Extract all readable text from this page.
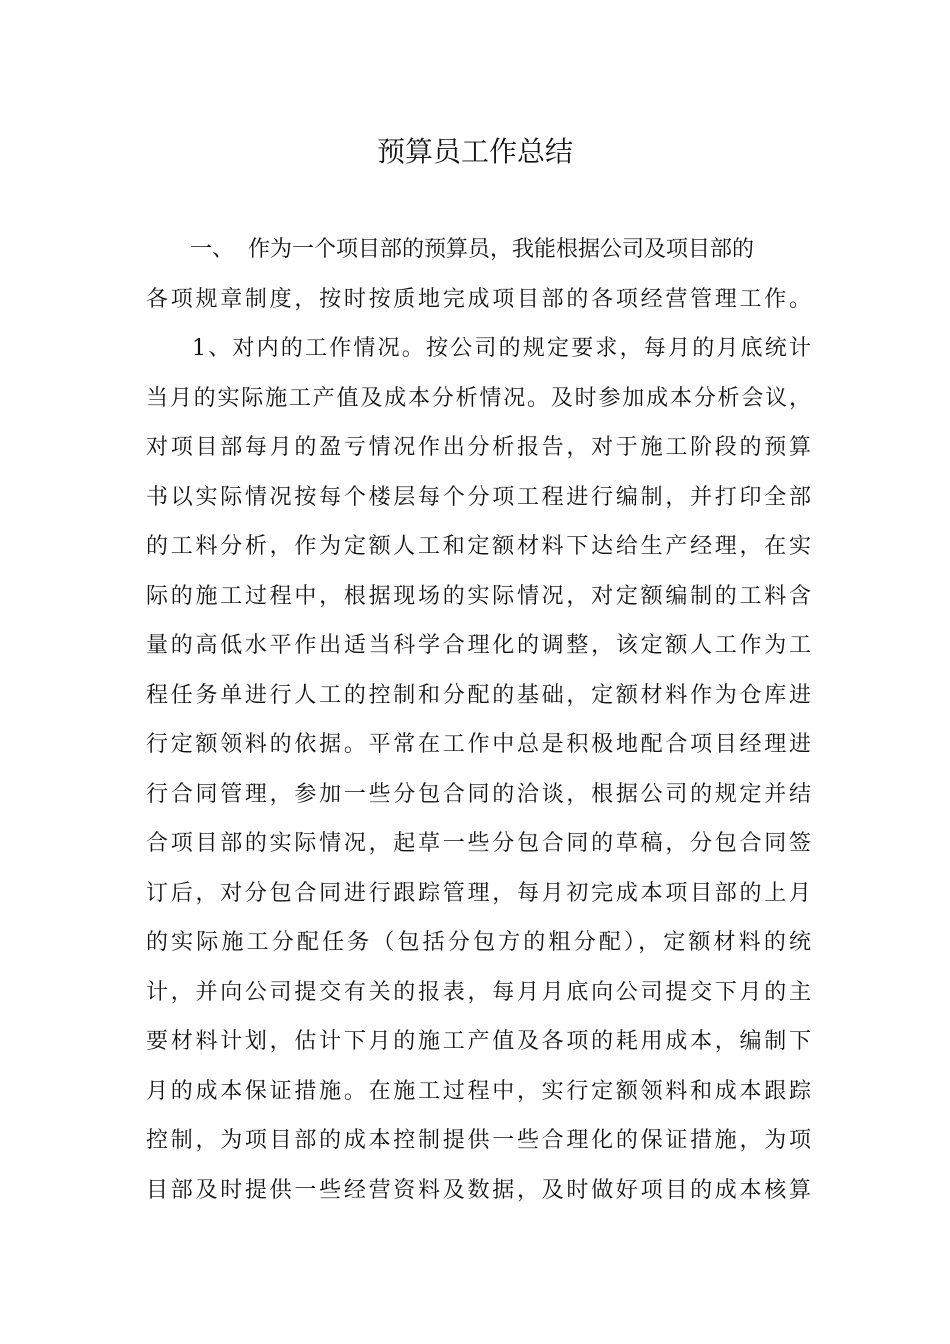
预算员工作总结
一、 作为一个项目部的预算员，我能根据公司及项目部的
各项规章制度，按时按质地完成项目部的各项经营管理工作。
1、对内的工作情况。按公司的规定要求，每月的月底统计
当月的实际施工产值及成本分析情况。及时参加成本分析会议，
对项目部每月的盈亏情况作出分析报告，对于施工阶段的预算
书以实际情况按每个楼层每个分项工程进行编制，并打印全部
的工料分析，作为定额人工和定额材料下达给生产经理，在实
际的施工过程中，根据现场的实际情况，对定额编制的工料含
量的高低水平作出适当科学合理化的调整，该定额人工作为工
程任务单进行人工的控制和分配的基础，定额材料作为仓库进
行定额领料的依据。平常在工作中总是积极地配合项目经理进
行合同管理，参加一些分包合同的洽谈，根据公司的规定并结
合项目部的实际情况，起草一些分包合同的草稿，分包合同签
订后，对分包合同进行跟踪管理，每月初完成本项目部的上月
的实际施工分配任务（包括分包方的粗分配），定额材料的统
计，并向公司提交有关的报表，每月月底向公司提交下月的主
要材料计划，估计下月的施工产值及各项的耗用成本，编制下
月的成本保证措施。在施工过程中，实行定额领料和成本跟踪
控制，为项目部的成本控制提供一些合理化的保证措施，为项
目部及时提供一些经营资料及数据，及时做好项目的成本核算
